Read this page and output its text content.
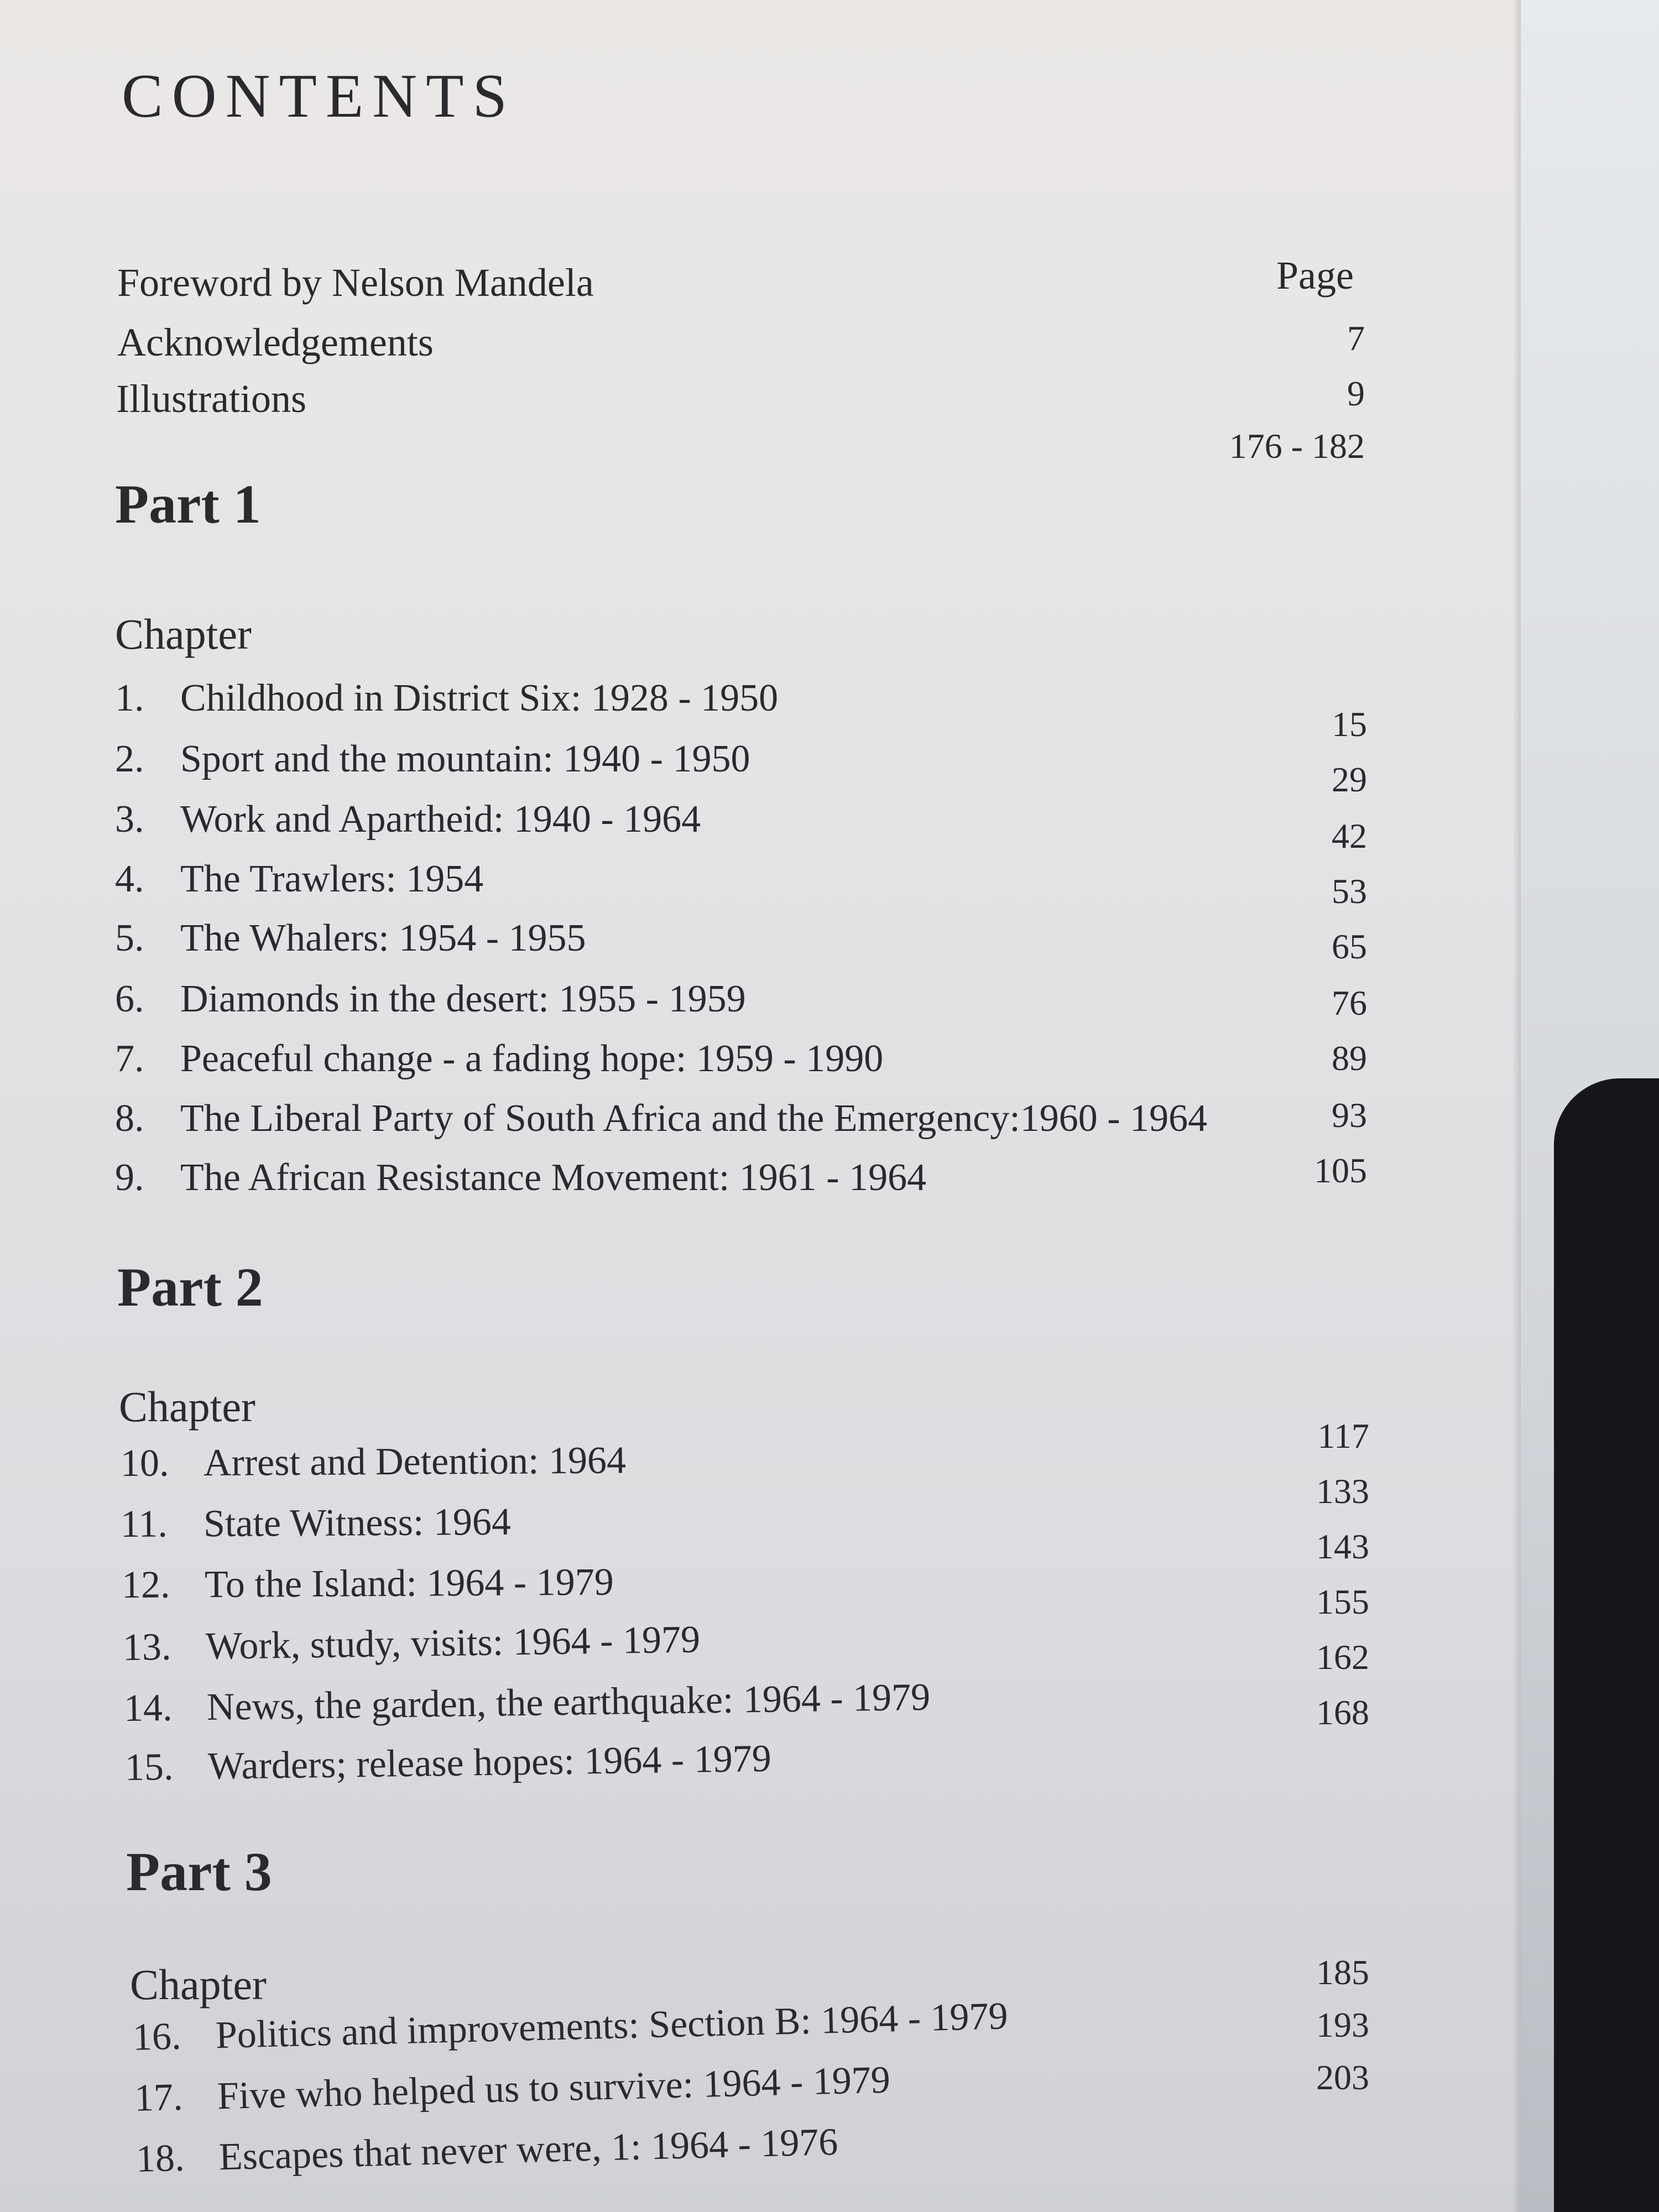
CONTENTS
Foreword by Nelson Mandela
Acknowledgements
Illustrations
Page
7
9
176 - 182
Part 1
Chapter
1. Childhood in District Six: 1928 - 1950
2. Sport and the mountain: 1940 - 1950
3. Work and Apartheid: 1940 - 1964
4. The Trawlers: 1954
5. The Whalers: 1954 - 1955
6. Diamonds in the desert: 1955 - 1959
7. Peaceful change - a fading hope: 1959 - 1990
8. The Liberal Party of South Africa and the Emergency:1960 - 1964
9. The African Resistance Movement: 1961 - 1964
15
29
42
53
65
76
89
93
105
Part 2
Chapter
10. Arrest and Detention: 1964
11. State Witness: 1964
12. To the Island: 1964 - 1979
13. Work, study, visits: 1964 - 1979
14. News, the garden, the earthquake: 1964 - 1979
15. Warders; release hopes: 1964 - 1979
117
133
143
155
162
168
Part 3
Chapter
16. Politics and improvements: Section B: 1964 - 1979
17. Five who helped us to survive: 1964 - 1979
18. Escapes that never were, 1: 1964 - 1976
185
193
203
